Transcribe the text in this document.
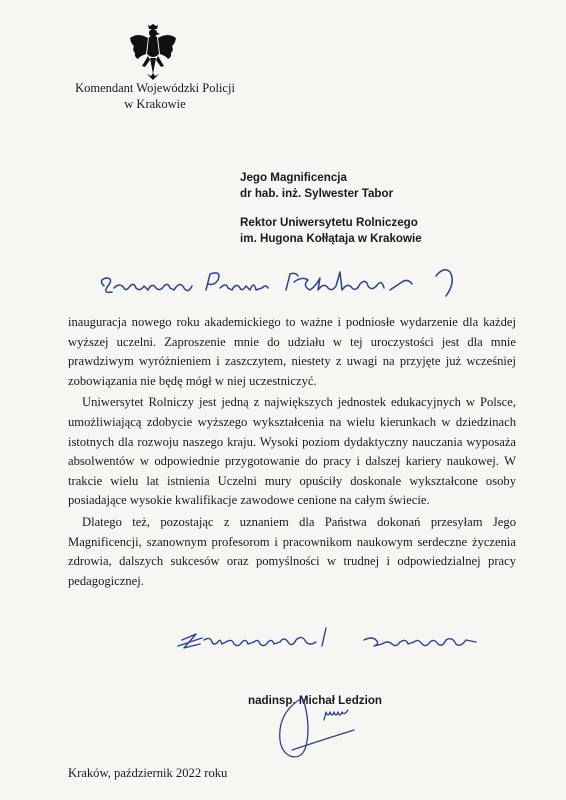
Komendant Wojewódzki Policji
w Krakowie
Jego Magnificencja
dr hab. inż. Sylwester Tabor
Rektor Uniwersytetu Rolniczego
im. Hugona Kołłątaja w Krakowie

inauguracja nowego roku akademickiego to ważne i podniosłe wydarzenie dla każdej wyższej uczelni. Zaproszenie mnie do udziału w tej uroczystości jest dla mnie prawdziwym wyróżnieniem i zaszczytem, niestety z uwagi na przyjęte już wcześniej zobowiązania nie będę mógł w niej uczestniczyć.

Uniwersytet Rolniczy jest jedną z największych jednostek edukacyjnych w Polsce, umożliwiającą zdobycie wyższego wykształcenia na wielu kierunkach w dziedzinach istotnych dla rozwoju naszego kraju. Wysoki poziom dydaktyczny nauczania wyposaża absolwentów w odpowiednie przygotowanie do pracy i dalszej kariery naukowej. W trakcie wielu lat istnienia Uczelni mury opuściły doskonale wykształcone osoby posiadające wysokie kwalifikacje zawodowe cenione na całym świecie.

Dlatego też, pozostając z uznaniem dla Państwa dokonań przesyłam Jego Magnificencji, szanownym profesorom i pracownikom naukowym serdeczne życzenia zdrowia, dalszych sukcesów oraz pomyślności w trudnej i odpowiedzialnej pracy pedagogicznej.

nadinsp. Michał Ledzion
Kraków, październik 2022 roku
